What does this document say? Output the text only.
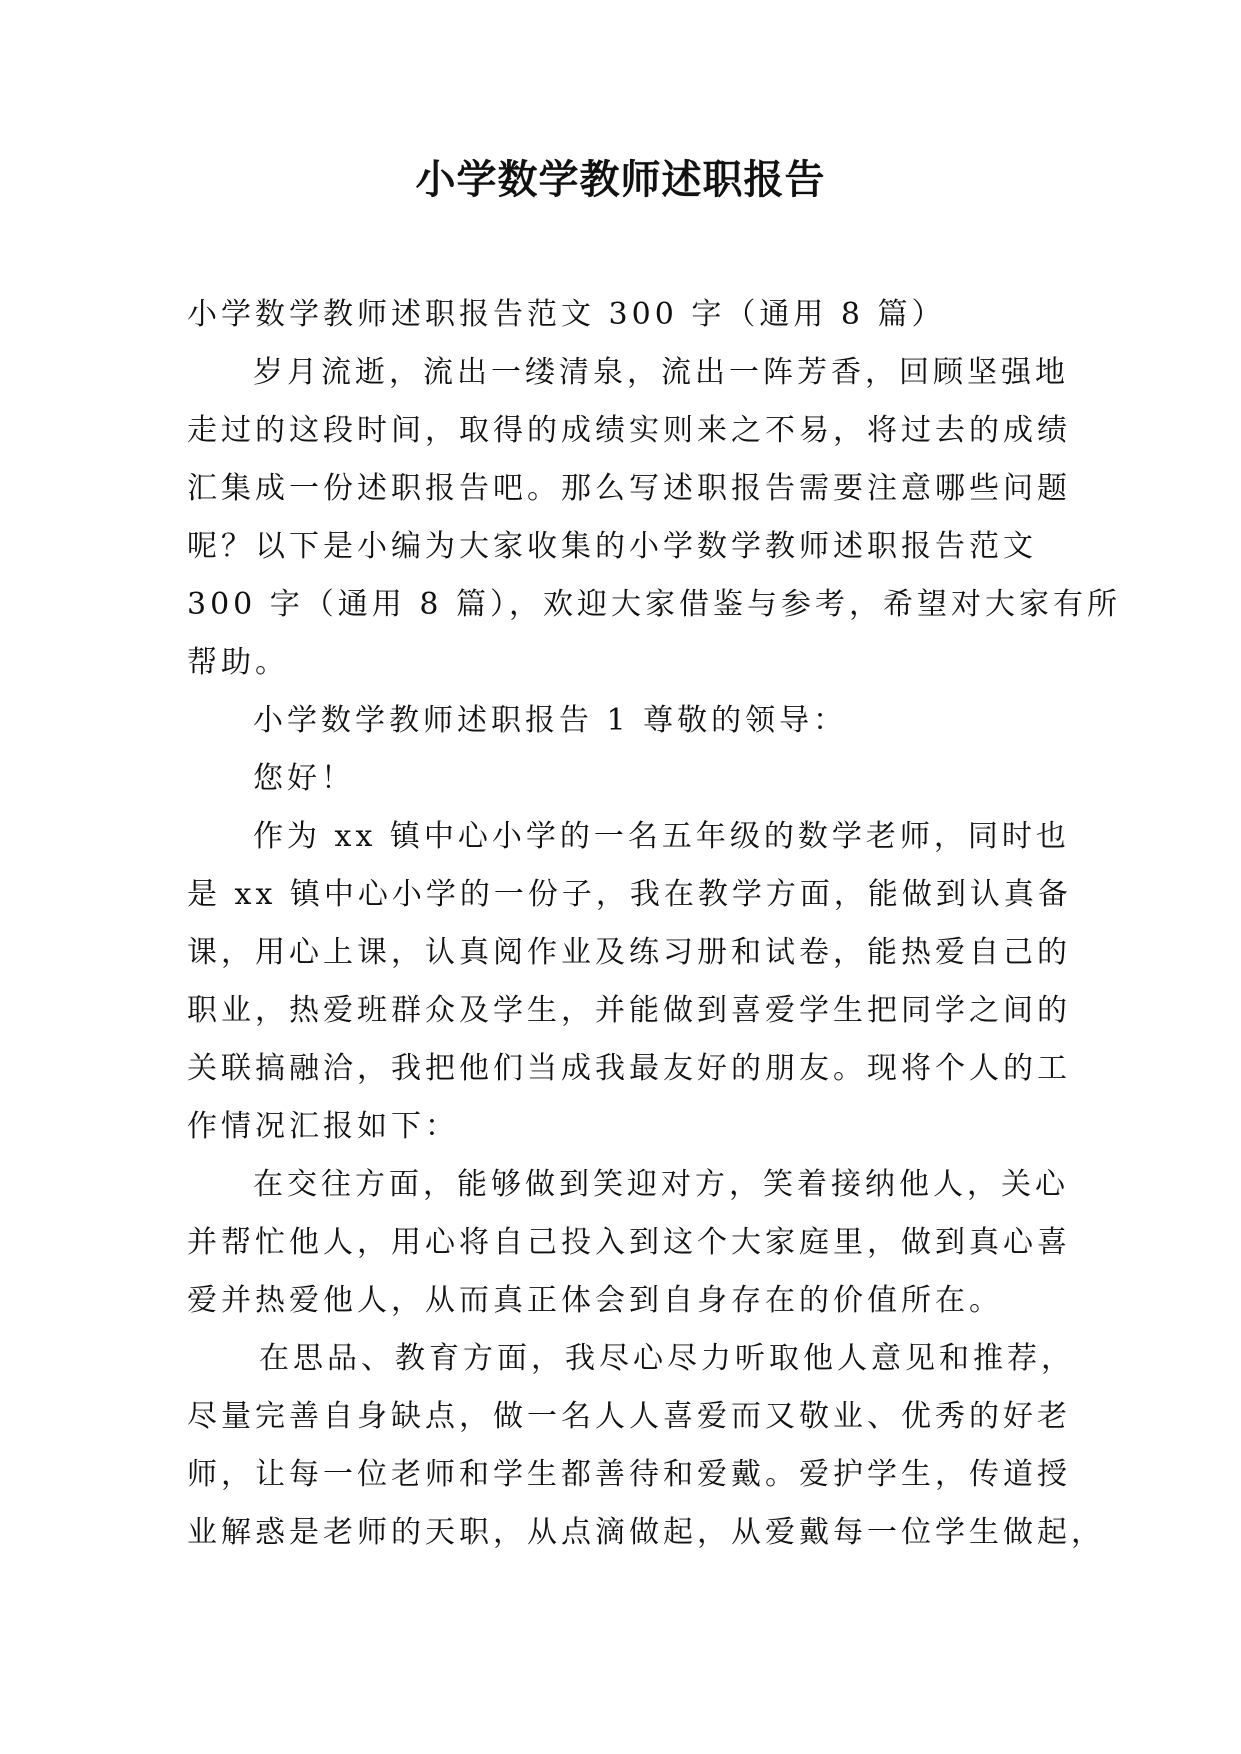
小学数学教师述职报告
小学数学教师述职报告范文 300 字（通用 8 篇）
岁月流逝，流出一缕清泉，流出一阵芳香，回顾坚强地
走过的这段时间，取得的成绩实则来之不易，将过去的成绩
汇集成一份述职报告吧。那么写述职报告需要注意哪些问题
呢？以下是小编为大家收集的小学数学教师述职报告范文
300 字（通用 8 篇），欢迎大家借鉴与参考，希望对大家有所
帮助。
小学数学教师述职报告 1 尊敬的领导：
您好！
作为 xx 镇中心小学的一名五年级的数学老师，同时也
是 xx 镇中心小学的一份子，我在教学方面，能做到认真备
课，用心上课，认真阅作业及练习册和试卷，能热爱自己的
职业，热爱班群众及学生，并能做到喜爱学生把同学之间的
关联搞融洽，我把他们当成我最友好的朋友。现将个人的工
作情况汇报如下：
在交往方面，能够做到笑迎对方，笑着接纳他人，关心
并帮忙他人，用心将自己投入到这个大家庭里，做到真心喜
爱并热爱他人，从而真正体会到自身存在的价值所在。
在思品、教育方面，我尽心尽力听取他人意见和推荐，
尽量完善自身缺点，做一名人人喜爱而又敬业、优秀的好老
师，让每一位老师和学生都善待和爱戴。爱护学生，传道授
业解惑是老师的天职，从点滴做起，从爱戴每一位学生做起，
